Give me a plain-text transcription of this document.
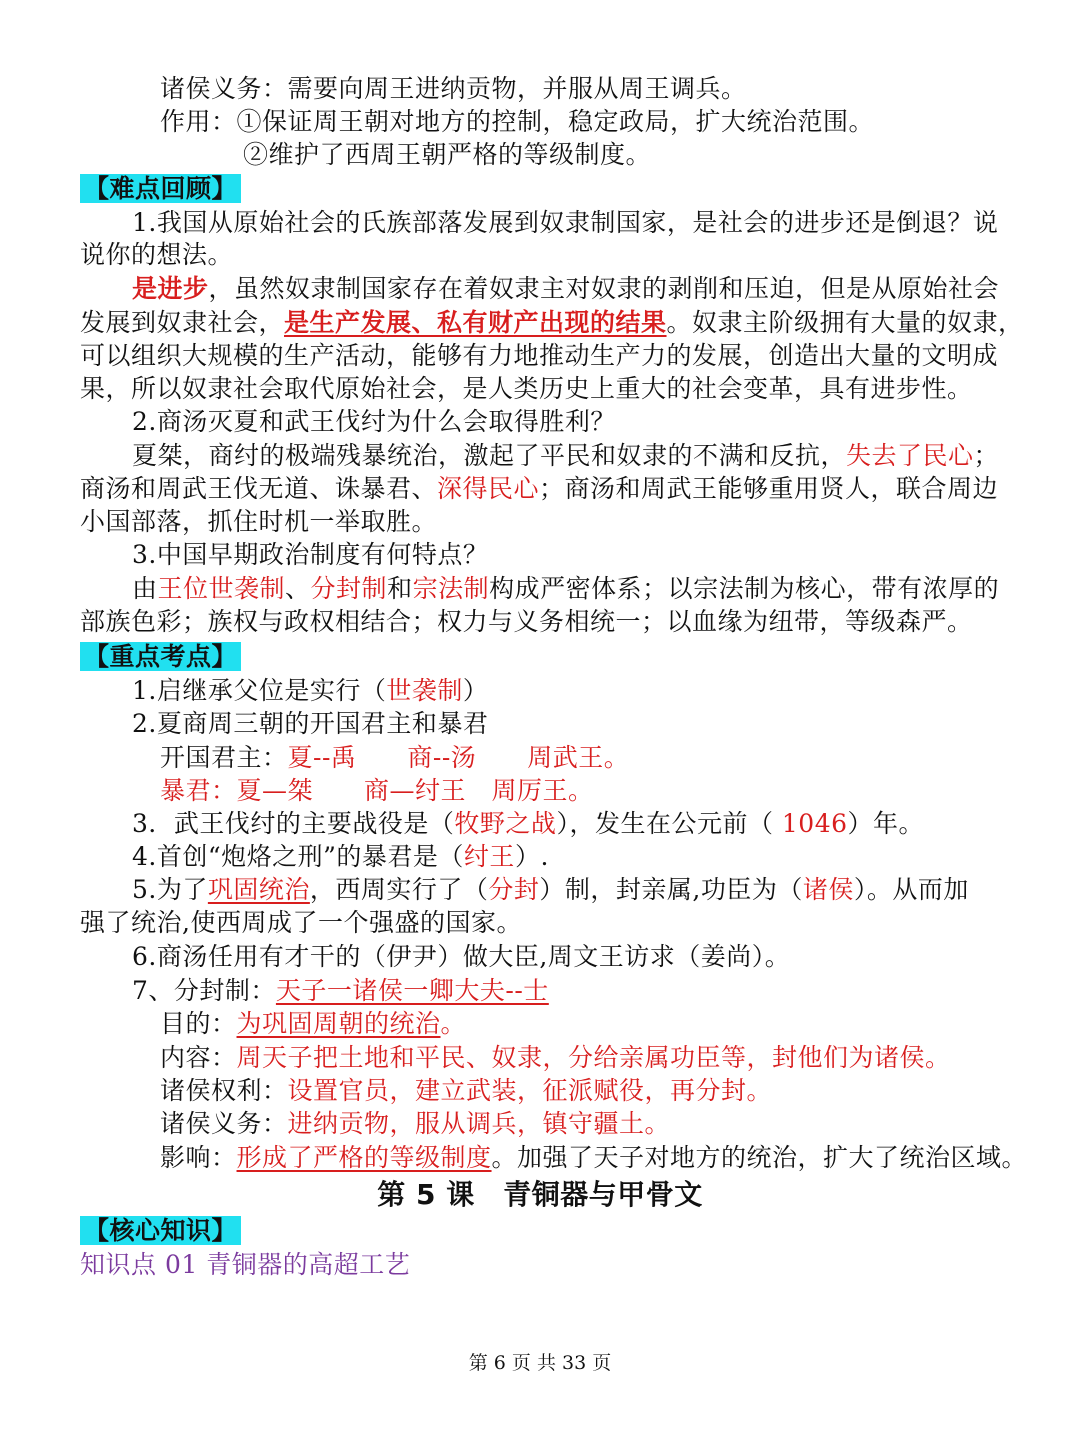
诸侯义务：需要向周王进纳贡物，并服从周王调兵。
作用：①保证周王朝对地方的控制，稳定政局，扩大统治范围。
②维护了西周王朝严格的等级制度。
【难点回顾】
1.我国从原始社会的氏族部落发展到奴隶制国家，是社会的进步还是倒退？说
说你的想法。
是进步，虽然奴隶制国家存在着奴隶主对奴隶的剥削和压迫，但是从原始社会
发展到奴隶社会，是生产发展、私有财产出现的结果。奴隶主阶级拥有大量的奴隶，
可以组织大规模的生产活动，能够有力地推动生产力的发展，创造出大量的文明成
果，所以奴隶社会取代原始社会，是人类历史上重大的社会变革，具有进步性。
2.商汤灭夏和武王伐纣为什么会取得胜利？
夏桀，商纣的极端残暴统治，激起了平民和奴隶的不满和反抗，失去了民心；
商汤和周武王伐无道、诛暴君、深得民心；商汤和周武王能够重用贤人，联合周边
小国部落，抓住时机一举取胜。
3.中国早期政治制度有何特点？
由王位世袭制、分封制和宗法制构成严密体系；以宗法制为核心，带有浓厚的
部族色彩；族权与政权相结合；权力与义务相统一；以血缘为纽带，等级森严。
【重点考点】
1.启继承父位是实行（世袭制）
2.夏商周三朝的开国君主和暴君
开国君主：夏--禹　　商--汤　　周武王。
暴君：夏—桀　　商—纣王　周厉王。
3．武王伐纣的主要战役是（牧野之战），发生在公元前（ 1046）年。
4.首创“炮烙之刑”的暴君是（纣王）.
5.为了巩固统治，西周实行了（分封）制，封亲属,功臣为（诸侯）。从而加
强了统治,使西周成了一个强盛的国家。
6.商汤任用有才干的（伊尹）做大臣,周文王访求（姜尚）。
7、分封制：天子一诸侯一卿大夫--士
目的：为巩固周朝的统治。
内容：周天子把土地和平民、奴隶，分给亲属功臣等，封他们为诸侯。
诸侯权利：设置官员，建立武装，征派赋役，再分封。
诸侯义务：进纳贡物，服从调兵，镇守疆土。
影响：形成了严格的等级制度。加强了天子对地方的统治，扩大了统治区域。
第 5 课　青铜器与甲骨文
【核心知识】
知识点 01 青铜器的高超工艺
第 6 页 共 33 页
